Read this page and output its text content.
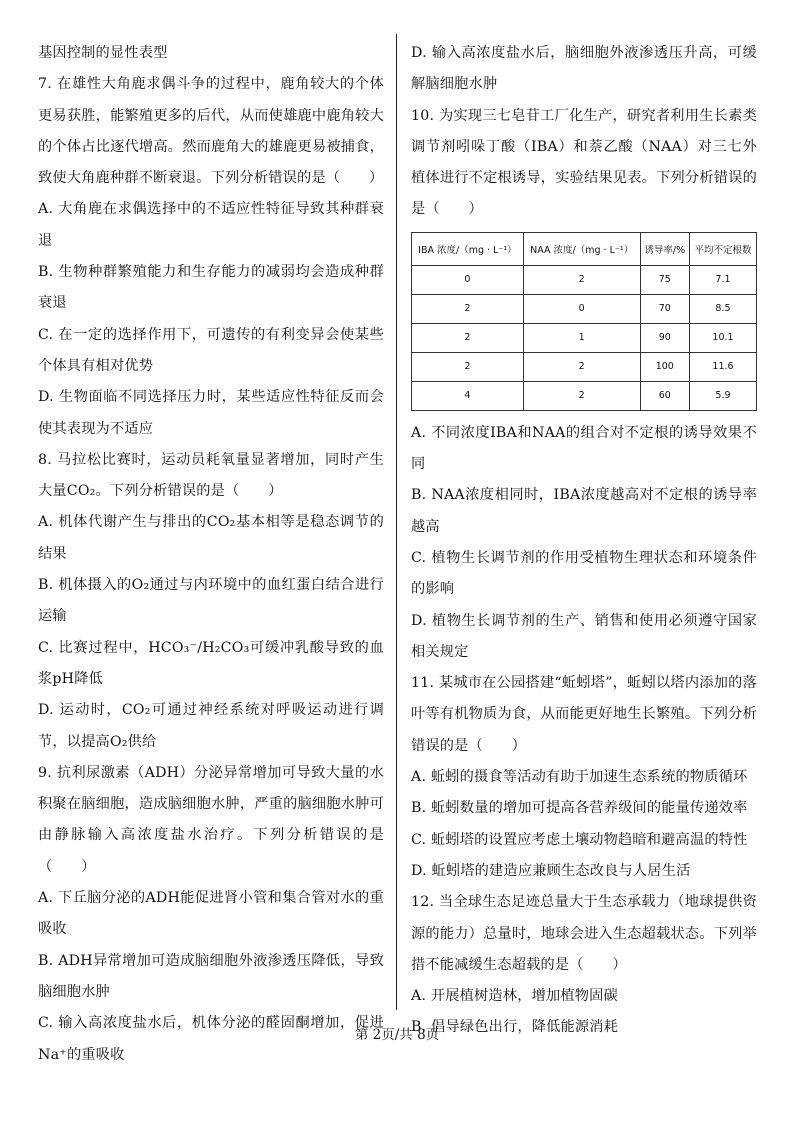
基因控制的显性表型

7. 在雄性大角鹿求偶斗争的过程中，鹿角较大的个体更易获胜，能繁殖更多的后代，从而使雄鹿中鹿角较大的个体占比逐代增高。然而鹿角大的雄鹿更易被捕食，致使大角鹿种群不断衰退。下列分析错误的是（　　）

A. 大角鹿在求偶选择中的不适应性特征导致其种群衰退

B. 生物种群繁殖能力和生存能力的减弱均会造成种群衰退

C. 在一定的选择作用下，可遗传的有利变异会使某些个体具有相对优势

D. 生物面临不同选择压力时，某些适应性特征反而会使其表现为不适应

8. 马拉松比赛时，运动员耗氧量显著增加，同时产生大量CO₂。下列分析错误的是（　　）

A. 机体代谢产生与排出的CO₂基本相等是稳态调节的结果

B. 机体摄入的O₂通过与内环境中的血红蛋白结合进行运输

C. 比赛过程中，HCO₃⁻/H₂CO₃可缓冲乳酸导致的血浆pH降低

D. 运动时，CO₂可通过神经系统对呼吸运动进行调节，以提高O₂供给

9. 抗利尿激素（ADH）分泌异常增加可导致大量的水积聚在脑细胞，造成脑细胞水肿，严重的脑细胞水肿可由静脉输入高浓度盐水治疗。下列分析错误的是（　　）

A. 下丘脑分泌的ADH能促进肾小管和集合管对水的重吸收

B. ADH异常增加可造成脑细胞外液渗透压降低，导致脑细胞水肿

C. 输入高浓度盐水后，机体分泌的醛固酮增加，促进Na⁺的重吸收

D. 输入高浓度盐水后，脑细胞外液渗透压升高，可缓解脑细胞水肿

10. 为实现三七皂苷工厂化生产，研究者利用生长素类调节剂吲哚丁酸（IBA）和萘乙酸（NAA）对三七外植体进行不定根诱导，实验结果见表。下列分析错误的是（　　）

IBA 浓度/（mg · L⁻¹）	NAA 浓度/（mg · L⁻¹）	诱导率/%	平均不定根数
0	2	75	7.1
2	0	70	8.5
2	1	90	10.1
2	2	100	11.6
4	2	60	5.9

A. 不同浓度IBA和NAA的组合对不定根的诱导效果不同

B. NAA浓度相同时，IBA浓度越高对不定根的诱导率越高

C. 植物生长调节剂的作用受植物生理状态和环境条件的影响

D. 植物生长调节剂的生产、销售和使用必须遵守国家相关规定

11. 某城市在公园搭建“蚯蚓塔”，蚯蚓以塔内添加的落叶等有机物质为食，从而能更好地生长繁殖。下列分析错误的是（　　）

A. 蚯蚓的摄食等活动有助于加速生态系统的物质循环

B. 蚯蚓数量的增加可提高各营养级间的能量传递效率

C. 蚯蚓塔的设置应考虑土壤动物趋暗和避高温的特性

D. 蚯蚓塔的建造应兼顾生态改良与人居生活

12. 当全球生态足迹总量大于生态承载力（地球提供资源的能力）总量时，地球会进入生态超载状态。下列举措不能减缓生态超载的是（　　）

A. 开展植树造林，增加植物固碳

B. 倡导绿色出行，降低能源消耗

第 2页/共 8页
